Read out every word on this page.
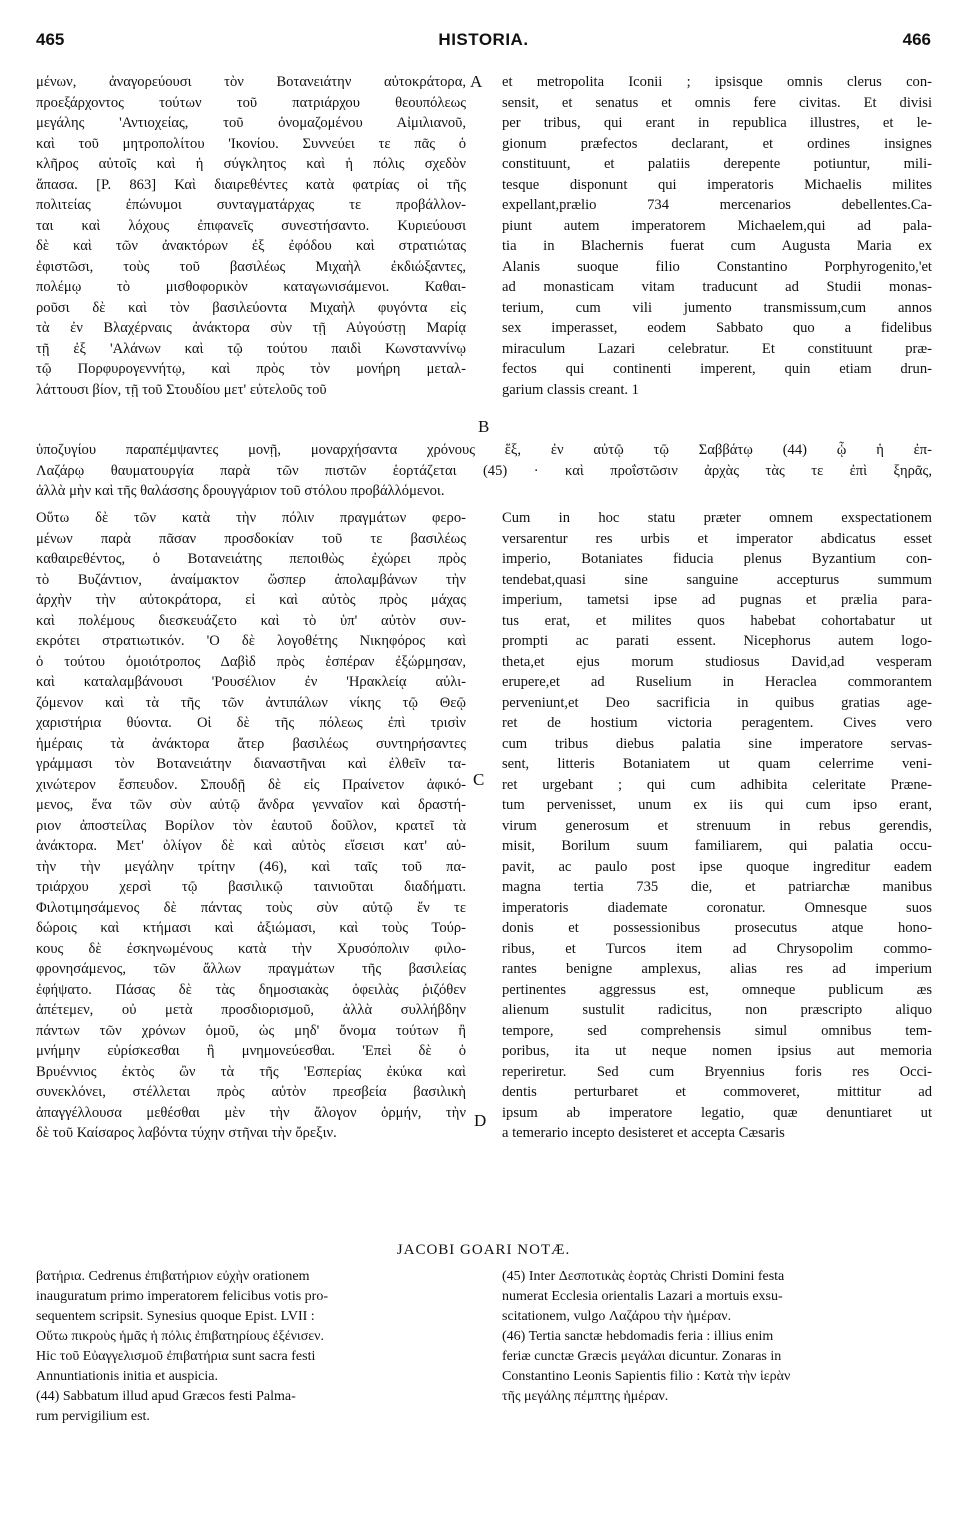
465	HISTORIA.	466
μένων, ἀναγορεύουσι τὸν Βοτανειάτην αὐτοκράτορα,
προεξάρχοντος τούτων τοῦ πατριάρχου θεουπόλεως
μεγάλης 'Αντιοχείας, τοῦ ὀνομαζομένου Αἰμιλιανοῦ,
καὶ τοῦ μητροπολίτου 'Ικονίου. Συννεύει τε πᾶς ὁ
κλῆρος αὐτοῖς καὶ ἡ σύγκλητος καὶ ἡ πόλις σχεδὸν
ἅπασα. [P. 863] Καὶ διαιρεθέντες κατὰ φατρίας οἱ τῆς
πολιτείας ἐπώνυμοι συνταγματάρχας τε προβάλλον-
ται καὶ λόχους ἐπιφανεῖς συνεστήσαντο. Κυριεύουσι
δὲ καὶ τῶν ἀνακτόρων ἐξ ἐφόδου καὶ στρατιώτας
ἐφιστῶσι, τοὺς τοῦ βασιλέως Μιχαὴλ ἐκδιώξαντες,
πολέμῳ τὸ μισθοφορικὸν καταγωνισάμενοι. Καθαι-
ροῦσι δὲ καὶ τὸν βασιλεύοντα Μιχαὴλ φυγόντα εἰς
τὰ ἐν Βλαχέρναις ἀνάκτορα σὺν τῇ Αὐγούστῃ Μαρίᾳ
τῇ ἐξ 'Αλάνων καὶ τῷ τούτου παιδὶ Κωνσταννίνῳ
τῷ Πορφυρογεννήτῳ, καὶ πρὸς τὸν μονήρη μεταλ-
λάττουσι βίον, τῇ τοῦ Στουδίου μετ' εὐτελοῦς τοῦ
et metropolita Iconii ; ipsisque omnis clerus con-
sensit, et senatus et omnis fere civitas. Et divisi
per tribus, qui erant in republica illustres, et le-
gionum præfectos declarant, et ordines insignes
constituunt, et palatiis derepente potiuntur, mili-
tesque disponunt qui imperatoris Michaelis milites
expellant,prælio 734 mercenarios debellentes.Ca-
piunt autem imperatorem Michaelem,qui ad pala-
tia in Blachernis fuerat cum Augusta Maria ex
Alanis suoque filio Constantino Porphyrogenito,'et
ad monasticam vitam traducunt ad Studii monas-
terium, cum vili jumento transmissum,cum annos
sex imperasset, eodem Sabbato quo a fidelibus
miraculum Lazari celebratur. Et constituunt præ-
fectos qui continenti imperent, quin etiam drun-
garium classis creant. 1
A
B
C
D
ὑποζυγίου παραπέμψαντες μονῇ, μοναρχήσαντα χρόνους ἕξ, ἐν αὐτῷ τῷ Σαββάτῳ (44) ᾧ ἡ ἐπ-
Λαζάρῳ θαυματουργία παρὰ τῶν πιστῶν ἑορτάζεται (45) · καὶ προΐστῶσιν ἀρχὰς τὰς τε ἐπὶ ξηρᾶς,
ἀλλὰ μὴν καὶ τῆς θαλάσσης δρουγγάριον τοῦ στόλου προβάλλόμενοι.
Οὕτω δὲ τῶν κατὰ τὴν πόλιν πραγμάτων φερο-
μένων παρὰ πᾶσαν προσδοκίαν τοῦ τε βασιλέως
καθαιρεθέντος, ὁ Βοτανειάτης πεποιθὼς ἐχώρει πρὸς
τὸ Βυζάντιον, ἀναίμακτον ὥσπερ ἀπολαμβάνων τὴν
ἀρχὴν τὴν αὐτοκράτορα, εἰ καὶ αὐτὸς πρὸς μάχας
καὶ πολέμους διεσκευάζετο καὶ τὸ ὑπ' αὐτὸν συν-
εκρότει στρατιωτικόν. 'Ο δὲ λογοθέτης Νικηφόρος καὶ
ὁ τούτου ὁμοιότροπος Δαβὶδ πρὸς ἑσπέραν ἐξώρμησαν,
καὶ καταλαμβάνουσι 'Ρουσέλιον ἐν 'Ηρακλείᾳ αὐλι-
ζόμενον καὶ τὰ τῆς τῶν ἀντιπάλων νίκης τῷ Θεῷ
χαριστήρια θύοντα. Οἱ δὲ τῆς πόλεως ἐπὶ τρισὶν
ἡμέραις τὰ ἀνάκτορα ἄτερ βασιλέως συντηρήσαντες
γράμμασι τὸν Βοτανειάτην διαναστῆναι καὶ ἐλθεῖν τα-
χινώτερον ἔσπευδον. Σπουδῇ δὲ εἰς Πραίνετον ἀφικό-
μενος, ἕνα τῶν σὺν αὐτῷ ἄνδρα γενναῖον καὶ δραστή-
ριον ἀποστείλας Βορίλον τὸν ἑαυτοῦ δοῦλον, κρατεῖ τὰ
ἀνάκτορα. Μετ' ὀλίγον δὲ καὶ αὐτὸς εἴσεισι κατ' αὐ-
τὴν τὴν μεγάλην τρίτην (46), καὶ ταῖς τοῦ πα-
τριάρχου χερσὶ τῷ βασιλικῷ ταινιοῦται διαδήματι.
Φιλοτιμησάμενος δὲ πάντας τοὺς σὺν αὐτῷ ἔν τε
δώροις καὶ κτήμασι καὶ ἀξιώμασι, καὶ τοὺς Τούρ-
κους δὲ ἐσκηνωμένους κατὰ τὴν Χρυσόπολιν φιλο-
φρονησάμενος, τῶν ἄλλων πραγμάτων τῆς βασιλείας
ἐφήψατο. Πάσας δὲ τὰς δημοσιακὰς ὀφειλὰς ῥιζόθεν
ἀπέτεμεν, οὐ μετὰ προσδιορισμοῦ, ἀλλὰ συλλήβδην
πάντων τῶν χρόνων ὁμοῦ, ὡς μηδ' ὄνομα τούτων ἢ
μνήμην εὑρίσκεσθαι ἢ μνημονεύεσθαι. 'Επεὶ δὲ ὁ
Βρυέννιος ἐκτὸς ὢν τὰ τῆς 'Εσπερίας ἐκύκα καὶ
συνεκλόνει, στέλλεται πρὸς αὐτὸν πρεσβεία βασιλικὴ
ἀπαγγέλλουσα μεθέσθαι μὲν τὴν ἄλογον ὁρμήν, τὴν
δὲ τοῦ Καίσαρος λαβόντα τύχην στῆναι τὴν ὄρεξιν.
Cum in hoc statu præter omnem exspectationem
versarentur res urbis et imperator abdicatus esset
imperio, Botaniates fiducia plenus Byzantium con-
tendebat,quasi sine sanguine accepturus summum
imperium, tametsi ipse ad pugnas et prælia para-
tus erat, et milites quos habebat cohortabatur ut
prompti ac parati essent. Nicephorus autem logo-
theta,et ejus morum studiosus David,ad vesperam
erupere,et ad Ruselium in Heraclea commorantem
perveniunt,et Deo sacrificia in quibus gratias age-
ret de hostium victoria peragentem. Cives vero
cum tribus diebus palatia sine imperatore servas-
sent, litteris Botaniatem ut quam celerrime veni-
ret urgebant ; qui cum adhibita celeritate Præne-
tum pervenisset, unum ex iis qui cum ipso erant,
virum generosum et strenuum in rebus gerendis,
misit, Borilum suum familiarem, qui palatia occu-
pavit, ac paulo post ipse quoque ingreditur eadem
magna tertia 735 die, et patriarchæ manibus
imperatoris diademate coronatur. Omnesque suos
donis et possessionibus prosecutus atque hono-
ribus, et Turcos item ad Chrysopolim commo-
rantes benigne amplexus, alias res ad imperium
pertinentes aggressus est, omneque publicum æs
alienum sustulit radicitus, non præscripto aliquo
tempore, sed comprehensis simul omnibus tem-
poribus, ita ut neque nomen ipsius aut memoria
reperiretur. Sed cum Bryennius foris res Occi-
dentis perturbaret et commoveret, mittitur ad
ipsum ab imperatore legatio, quæ denuntiaret ut
a temerario incepto desisteret et accepta Cæsaris
JACOBI GOARI NOTÆ.
βατήρια. Cedrenus ἐπιβατήριον εὐχὴν orationem
inauguratum primo imperatorem felicibus votis pro-
sequentem scripsit. Synesius quoque Epist. LVII :
Οὕτω πικροὺς ἡμᾶς ἡ πόλις ἐπιβατηρίους ἐξένισεν.
Hic τοῦ Εὐαγγελισμοῦ ἐπιβατήρια sunt sacra festi
Annuntiationis initia et auspicia.
(44) Sabbatum illud apud Græcos festi Palma-
rum pervigilium est.
(45) Inter Δεσποτικὰς ἑορτὰς Christi Domini festa
numerat Ecclesia orientalis Lazari a mortuis exsu-
scitationem, vulgo Λαζάρου τὴν ἡμέραν.
(46) Tertia sanctæ hebdomadis feria : illius enim
feriæ cunctæ Græcis μεγάλαι dicuntur. Zonaras in
Constantino Leonis Sapientis filio : Κατὰ τὴν ἱερὰν
τῆς μεγάλης πέμπτης ἡμέραν.
